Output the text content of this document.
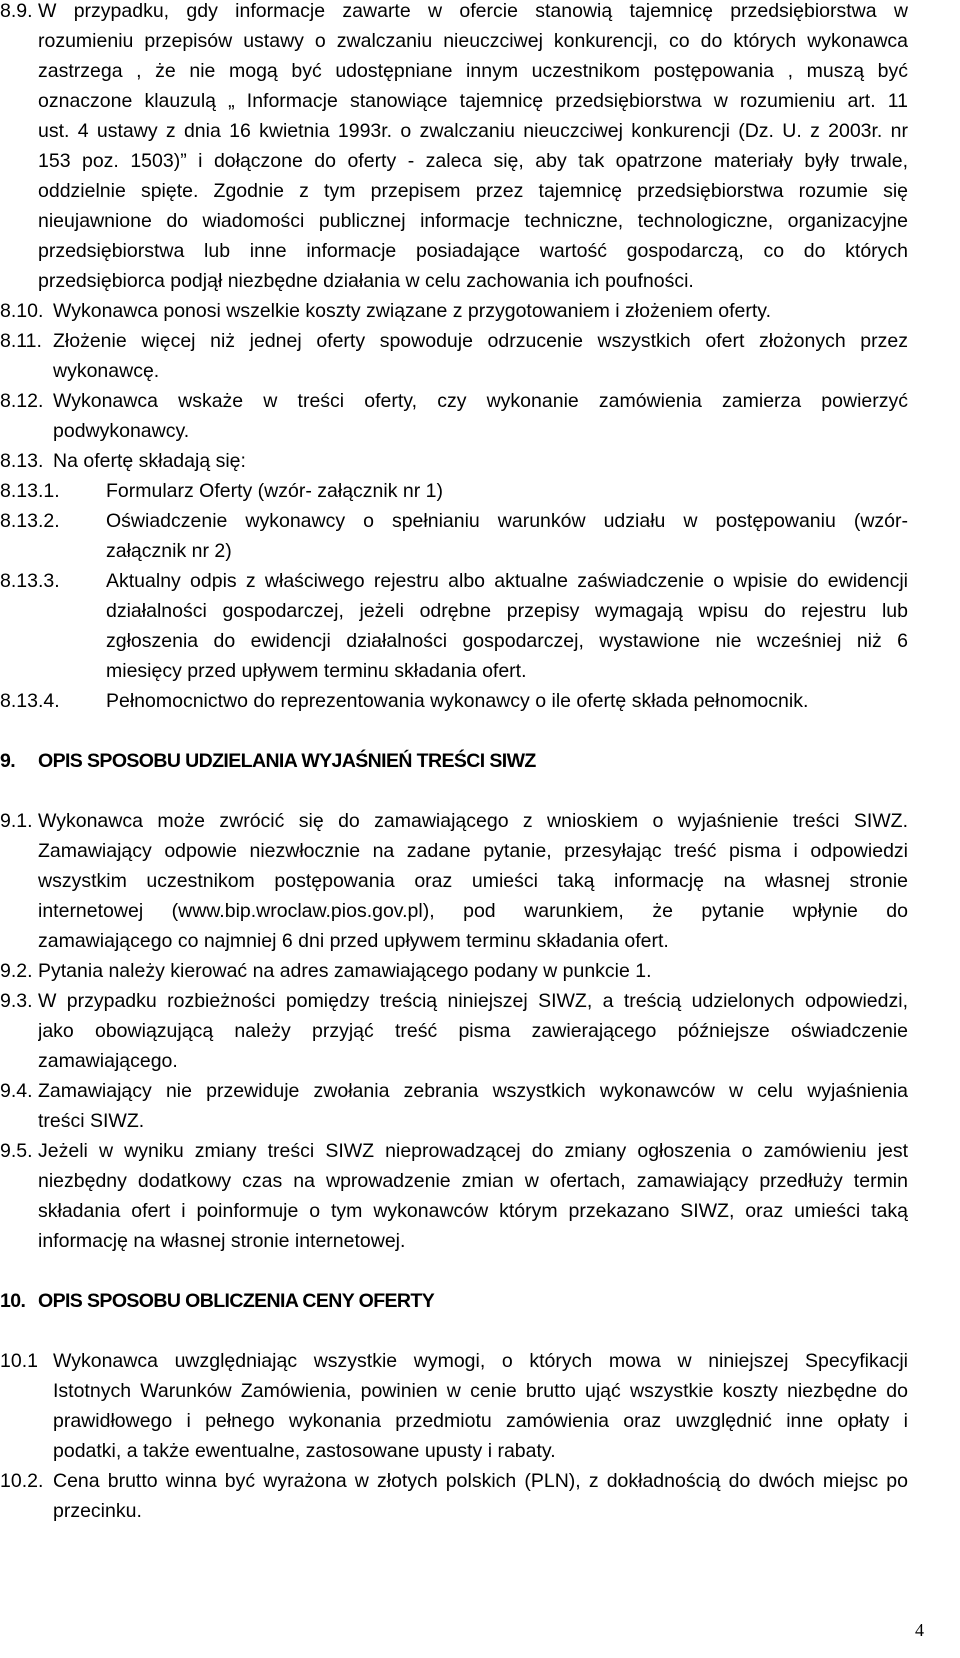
8.9. W przypadku, gdy informacje zawarte w ofercie stanowią tajemnicę przedsiębiorstwa w
rozumieniu przepisów ustawy o zwalczaniu nieuczciwej konkurencji, co do których wykonawca
zastrzega , że nie mogą być udostępniane innym uczestnikom postępowania , muszą być
oznaczone klauzulą „ Informacje stanowiące tajemnicę przedsiębiorstwa w rozumieniu art. 11
ust. 4 ustawy z dnia 16 kwietnia 1993r. o zwalczaniu nieuczciwej konkurencji (Dz. U. z 2003r. nr
153 poz. 1503)” i dołączone do oferty - zaleca się, aby tak opatrzone materiały były trwale,
oddzielnie spięte. Zgodnie z tym przepisem przez tajemnicę przedsiębiorstwa rozumie się
nieujawnione do wiadomości publicznej informacje techniczne, technologiczne, organizacyjne
przedsiębiorstwa lub inne informacje posiadające wartość gospodarczą, co do których
przedsiębiorca podjął niezbędne działania w celu zachowania ich poufności.
8.10. Wykonawca ponosi wszelkie koszty związane z przygotowaniem i złożeniem oferty.
8.11. Złożenie więcej niż jednej oferty spowoduje odrzucenie wszystkich ofert złożonych przez
wykonawcę.
8.12. Wykonawca wskaże w treści oferty, czy wykonanie zamówienia zamierza powierzyć
podwykonawcy.
8.13. Na ofertę składają się:
8.13.1. Formularz Oferty (wzór- załącznik nr 1)
8.13.2. Oświadczenie wykonawcy o spełnianiu warunków udziału w postępowaniu (wzór-
załącznik nr 2)
8.13.3. Aktualny odpis z właściwego rejestru albo aktualne zaświadczenie o wpisie do ewidencji
działalności gospodarczej, jeżeli odrębne przepisy wymagają wpisu do rejestru lub
zgłoszenia do ewidencji działalności gospodarczej, wystawione nie wcześniej niż 6
miesięcy przed upływem terminu składania ofert.
8.13.4. Pełnomocnictwo do reprezentowania wykonawcy o ile ofertę składa pełnomocnik.
9. OPIS SPOSOBU UDZIELANIA WYJAŚNIEŃ TREŚCI SIWZ
9.1. Wykonawca może zwrócić się do zamawiającego z wnioskiem o wyjaśnienie treści SIWZ.
Zamawiający odpowie niezwłocznie na zadane pytanie, przesyłając treść pisma i odpowiedzi
wszystkim uczestnikom postępowania oraz umieści taką informację na własnej stronie
internetowej (www.bip.wroclaw.pios.gov.pl), pod warunkiem, że pytanie wpłynie do
zamawiającego co najmniej 6 dni przed upływem terminu składania ofert.
9.2. Pytania należy kierować na adres zamawiającego podany w punkcie 1.
9.3. W przypadku rozbieżności pomiędzy treścią niniejszej SIWZ, a treścią udzielonych odpowiedzi,
jako obowiązującą należy przyjąć treść pisma zawierającego późniejsze oświadczenie
zamawiającego.
9.4. Zamawiający nie przewiduje zwołania zebrania wszystkich wykonawców w celu wyjaśnienia
treści SIWZ.
9.5. Jeżeli w wyniku zmiany treści SIWZ nieprowadzącej do zmiany ogłoszenia o zamówieniu jest
niezbędny dodatkowy czas na wprowadzenie zmian w ofertach, zamawiający przedłuży termin
składania ofert i poinformuje o tym wykonawców którym przekazano SIWZ, oraz umieści taką
informację na własnej stronie internetowej.
10. OPIS SPOSOBU OBLICZENIA CENY OFERTY
10.1 Wykonawca uwzględniając wszystkie wymogi, o których mowa w niniejszej Specyfikacji
Istotnych Warunków Zamówienia, powinien w cenie brutto ująć wszystkie koszty niezbędne do
prawidłowego i pełnego wykonania przedmiotu zamówienia oraz uwzględnić inne opłaty i
podatki, a także ewentualne, zastosowane upusty i rabaty.
10.2. Cena brutto winna być wyrażona w złotych polskich (PLN), z dokładnością do dwóch miejsc po
przecinku.
4
